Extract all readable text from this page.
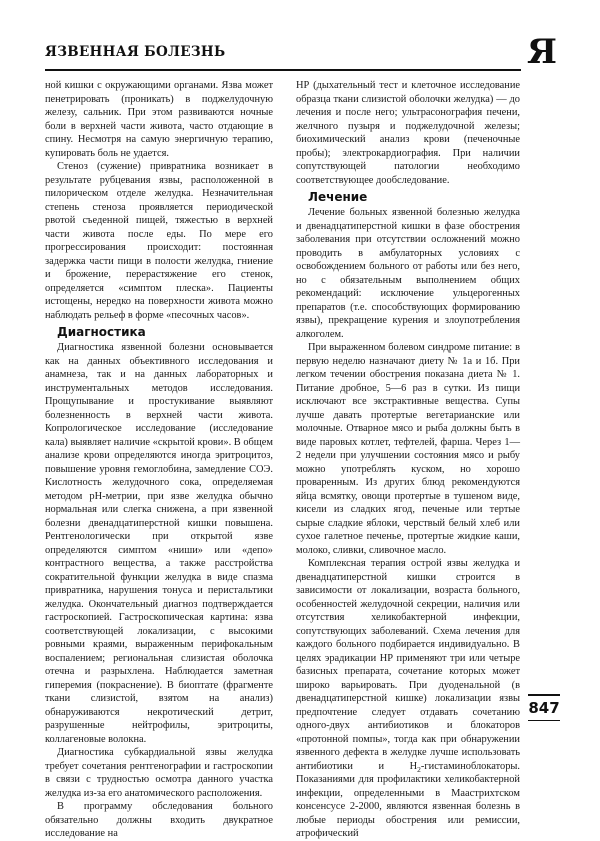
ЯЗВЕННАЯ БОЛЕЗНЬ	Я

ной кишки с окружающими органами. Язва может пенетрировать (проникать) в поджелудочную железу, сальник. При этом развиваются ночные боли в верхней части живота, часто отдающие в спину. Несмотря на самую энергичную терапию, купировать боль не удается.

Стеноз (сужение) привратника возникает в результате рубцевания язвы, расположенной в пилорическом отделе желудка. Незначительная степень стеноза проявляется периодической рвотой съеденной пищей, тяжестью в верхней части живота после еды. По мере его прогрессирования происходит: постоянная задержка части пищи в полости желудка, гниение и брожение, перерастяжение его стенок, определяется «симптом плеска». Пациенты истощены, нередко на поверхности живота можно наблюдать рельеф в форме «песочных часов».

Диагностика

Диагностика язвенной болезни основывается как на данных объективного исследования и анамнеза, так и на данных лабораторных и инструментальных методов исследования. Прощупывание и простукивание выявляют болезненность в верхней части живота. Копрологическое исследование (исследование кала) выявляет наличие «скрытой крови». В общем анализе крови определяются иногда эритроцитоз, повышение уровня гемоглобина, замедление СОЭ. Кислотность желудочного сока, определяемая методом рН-метрии, при язве желудка обычно нормальная или слегка снижена, а при язвенной болезни двенадцатиперстной кишки повышена. Рентгенологически при открытой язве определяются симптом «ниши» или «депо» контрастного вещества, а также расстройства сократительной функции желудка в виде спазма привратника, нарушения тонуса и перистальтики желудка. Окончательный диагноз подтверждается гастроскопией. Гастроскопическая картина: язва соответствующей локализации, с высокими ровными краями, выраженным перифокальным воспалением; региональная слизистая оболочка отечна и разрыхлена. Наблюдается заметная гиперемия (покраснение). В биоптате (фрагменте ткани слизистой, взятом на анализ) обнаруживаются некротический детрит, разрушенные нейтрофилы, эритроциты, коллагеновые волокна.

Диагностика субкардиальной язвы желудка требует сочетания рентгенографии и гастроскопии в связи с трудностью осмотра данного участка желудка из-за его анатомического расположения.

В программу обследования больного обязательно должны входить двукратное исследование на

НР (дыхательный тест и клеточное исследование образца ткани слизистой оболочки желудка) — до лечения и после него; ультрасонография печени, желчного пузыря и поджелудочной железы; биохимический анализ крови (печеночные пробы); электрокардиография. При наличии сопутствующей патологии необходимо соответствующее дообследование.

Лечение

Лечение больных язвенной болезнью желудка и двенадцатиперстной кишки в фазе обострения заболевания при отсутствии осложнений можно проводить в амбулаторных условиях с освобождением больного от работы или без него, но с обязательным выполнением общих рекомендаций: исключение ульцерогенных препаратов (т.е. способствующих формированию язвы), прекращение курения и злоупотребления алкоголем.

При выраженном болевом синдроме питание: в первую неделю назначают диету № 1а и 1б. При легком течении обострения показана диета № 1. Питание дробное, 5—6 раз в сутки. Из пищи исключают все экстрактивные вещества. Супы лучше давать протертые вегетарианские или молочные. Отварное мясо и рыба должны быть в виде паровых котлет, тефтелей, фарша. Через 1—2 недели при улучшении состояния мясо и рыбу можно употреблять куском, но хорошо проваренным. Из других блюд рекомендуются яйца всмятку, овощи протертые в тушеном виде, кисели из сладких ягод, печеные или тертые сырые сладкие яблоки, черствый белый хлеб или сухое галетное печенье, протертые жидкие каши, молоко, сливки, сливочное масло.

Комплексная терапия острой язвы желудка и двенадцатиперстной кишки строится в зависимости от локализации, возраста больного, особенностей желудочной секреции, наличия или отсутствия хеликобактерной инфекции, сопутствующих заболеваний. Схема лечения для каждого больного подбирается индивидуально. В целях эрадикации НР применяют три или четыре базисных препарата, сочетание которых может широко варьировать. При дуоденальной (в двенадцатиперстной кишке) локализации язвы предпочтение следует отдавать сочетанию одного-двух антибиотиков и блокаторов «протонной помпы», тогда как при обнаружении язвенного дефекта в желудке лучше использовать антибиотики и $Н_2$-гистаминоблокаторы. Показаниями для профилактики хеликобактерной инфекции, определенными в Маастрихтском консенсусе 2-2000, являются язвенная болезнь в любые периоды обострения или ремиссии, атрофический

847
